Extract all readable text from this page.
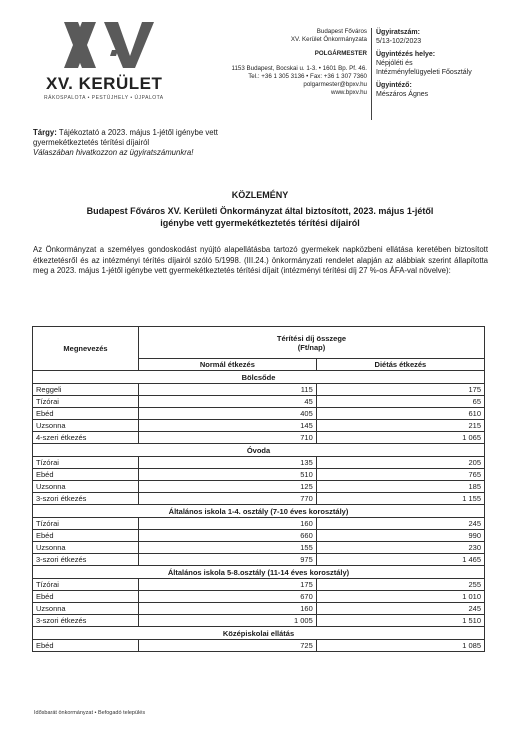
XV. KERÜLET
RÁKOSPALOTA • PESTÚJHELY • ÚJPALOTA
Budapest Főváros
XV. Kerület Önkormányzata
POLGÁRMESTER
1153 Budapest, Bocskai u. 1-3. • 1601 Bp. Pf. 46.
Tel.: +36 1 305 3136 • Fax: +36 1 307 7360
polgarmester@bpxv.hu
www.bpxv.hu
Ügyiratszám:
5/13-102/2023
Ügyintézés helye:
Népjóléti és
Intézményfelügyeleti Főosztály
Ügyintéző:
Mészáros Ágnes
Tárgy: Tájékoztató a 2023. május 1-jétől igénybe vett
gyermekétkeztetés térítési díjairól
Válaszában hivatkozzon az ügyiratszámunkra!
KÖZLEMÉNY
Budapest Főváros XV. Kerületi Önkormányzat által biztosított, 2023. május 1-jétől
igénybe vett gyermekétkeztetés térítési díjairól
Az Önkormányzat a személyes gondoskodást nyújtó alapellátásba tartozó gyermekek napközbeni ellátása keretében biztosított étkeztetésről és az intézményi térítés díjairól szóló 5/1998. (III.24.) önkormányzati rendelet alapján az alábbiak szerint állapította meg a 2023. május 1-jétől igénybe vett gyermekétkeztetés térítési díjait (intézményi térítési díj 27 %-os ÁFA-val növelve):
Megnevezés	Térítési díj összege
(Ft/nap)	

	Normál étkezés	Diétás étkezés
Bölcsőde		
Reggeli	115	175
Tízórai	45	65
Ebéd	405	610
Uzsonna	145	215
4-szeri étkezés	710	1 065
Óvoda		
Tízórai	135	205
Ebéd	510	765
Uzsonna	125	185
3-szori étkezés	770	1 155
Általános iskola 1-4. osztály (7-10 éves korosztály)		
Tízórai	160	245
Ebéd	660	990
Uzsonna	155	230
3-szori étkezés	975	1 465
Általános iskola 5-8.osztály (11-14 éves korosztály)		
Tízórai	175	255
Ebéd	670	1 010
Uzsonna	160	245
3-szori étkezés	1 005	1 510
Középiskolai ellátás		
Ebéd	725	1 085
Idősbarát önkormányzat • Befogadó település
